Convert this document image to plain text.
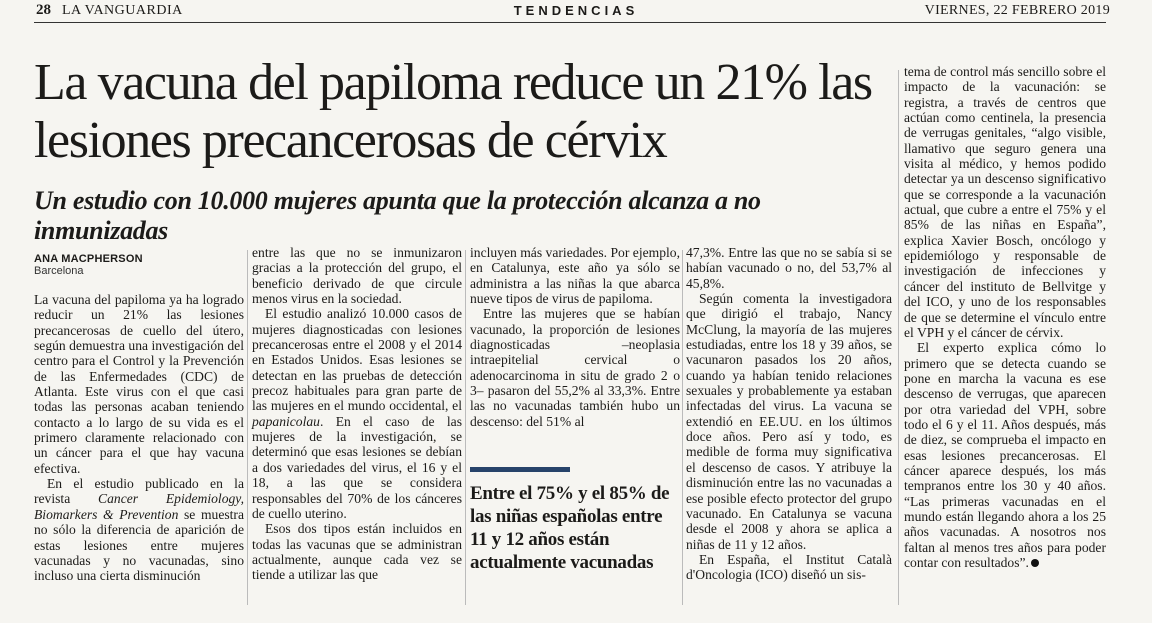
28 LA VANGUARDIA	TENDENCIAS	VIERNES, 22 FEBRERO 2019
La vacuna del papiloma reduce un 21% las lesiones precancerosas de cérvix
Un estudio con 10.000 mujeres apunta que la protección alcanza a no inmunizadas
ANA MACPHERSON
Barcelona

La vacuna del papiloma ya ha logrado reducir un 21% las lesiones precancerosas de cuello del útero, según demuestra una investigación del centro para el Control y la Prevención de las Enfermedades (CDC) de Atlanta. Este virus con el que casi todas las personas acaban teniendo contacto a lo largo de su vida es el primero claramente relacionado con un cáncer para el que hay vacuna efectiva.

En el estudio publicado en la revista Cancer Epidemiology, Biomarkers & Prevention se muestra no sólo la diferencia de aparición de estas lesiones entre mujeres vacunadas y no vacunadas, sino incluso una cierta disminución

entre las que no se inmunizaron gracias a la protección del grupo, el beneficio derivado de que circule menos virus en la sociedad.

El estudio analizó 10.000 casos de mujeres diagnosticadas con lesiones precancerosas entre el 2008 y el 2014 en Estados Unidos. Esas lesiones se detectan en las pruebas de detección precoz habituales para gran parte de las mujeres en el mundo occidental, el papanicolau. En el caso de las mujeres de la investigación, se determinó que esas lesiones se debían a dos variedades del virus, el 16 y el 18, a las que se considera responsables del 70% de los cánceres de cuello uterino.

Esos dos tipos están incluidos en todas las vacunas que se administran actualmente, aunque cada vez se tiende a utilizar las que

incluyen más variedades. Por ejemplo, en Catalunya, este año ya sólo se administra a las niñas la que abarca nueve tipos de virus de papiloma.

Entre las mujeres que se habían vacunado, la proporción de lesiones diagnosticadas –neoplasia intraepitelial cervical o adenocarcinoma in situ de grado 2 o 3– pasaron del 55,2% al 33,3%. Entre las no vacunadas también hubo un descenso: del 51% al

Entre el 75% y el 85% de las niñas españolas entre 11 y 12 años están actualmente vacunadas

47,3%. Entre las que no se sabía si se habían vacunado o no, del 53,7% al 45,8%.

Según comenta la investigadora que dirigió el trabajo, Nancy McClung, la mayoría de las mujeres estudiadas, entre los 18 y 39 años, se vacunaron pasados los 20 años, cuando ya habían tenido relaciones sexuales y probablemente ya estaban infectadas del virus. La vacuna se extendió en EE.UU. en los últimos doce años. Pero así y todo, es medible de forma muy significativa el descenso de casos. Y atribuye la disminución entre las no vacunadas a ese posible efecto protector del grupo vacunado. En Catalunya se vacuna desde el 2008 y ahora se aplica a niñas de 11 y 12 años.

En España, el Institut Català d'Oncologia (ICO) diseñó un sis-

tema de control más sencillo sobre el impacto de la vacunación: se registra, a través de centros que actúan como centinela, la presencia de verrugas genitales, “algo visible, llamativo que seguro genera una visita al médico, y hemos podido detectar ya un descenso significativo que se corresponde a la vacunación actual, que cubre a entre el 75% y el 85% de las niñas en España”, explica Xavier Bosch, oncólogo y epidemiólogo y responsable de investigación de infecciones y cáncer del instituto de Bellvitge y del ICO, y uno de los responsables de que se determine el vínculo entre el VPH y el cáncer de cérvix.

El experto explica cómo lo primero que se detecta cuando se pone en marcha la vacuna es ese descenso de verrugas, que aparecen por otra variedad del VPH, sobre todo el 6 y el 11. Años después, más de diez, se comprueba el impacto en esas lesiones precancerosas. El cáncer aparece después, los más tempranos entre los 30 y 40 años. “Las primeras vacunadas en el mundo están llegando ahora a los 25 años vacunadas. A nosotros nos faltan al menos tres años para poder contar con resultados”.
